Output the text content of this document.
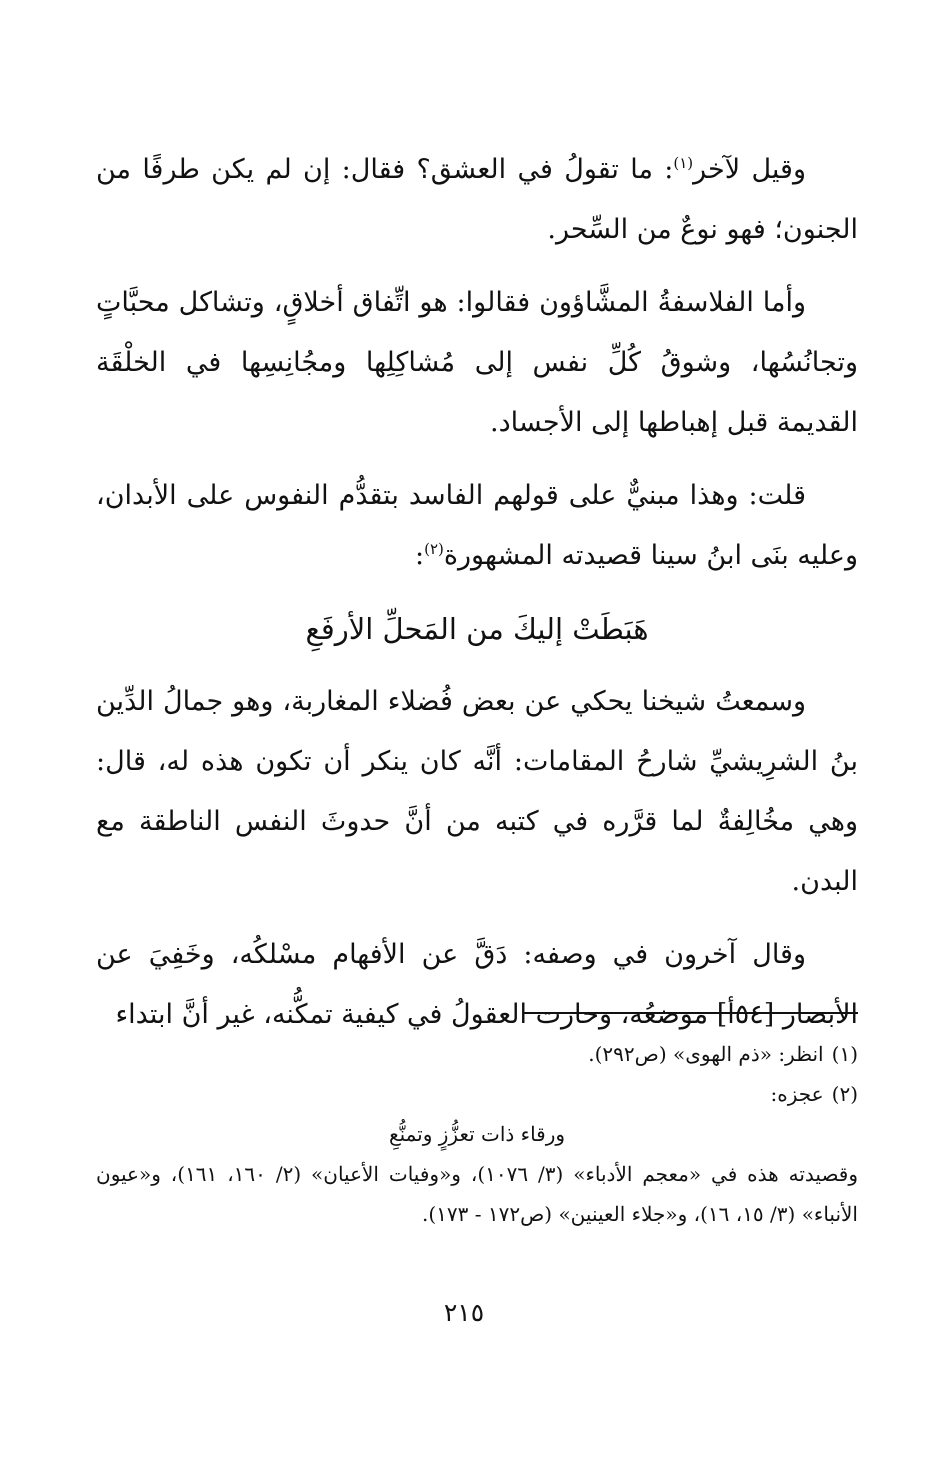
وقيل لآخر$^{(١)}$: ما تقولُ في العشق؟ فقال: إن لم يكن طرفًا من الجنون؛ فهو نوعٌ من السِّحر.

وأما الفلاسفةُ المشَّاؤون فقالوا: هو اتِّفاق أخلاقٍ، وتشاكل محبَّاتٍ وتجانُسُها، وشوقُ كُلِّ نفس إلى مُشاكِلِها ومجُانِسِها في الخلْقَة القديمة قبل إهباطها إلى الأجساد.

قلت: وهذا مبنيٌّ على قولهم الفاسد بتقدُّم النفوس على الأبدان، وعليه بنَى ابنُ سينا قصيدته المشهورة$^{(٢)}$:

هَبَطَتْ إليكَ من المَحلِّ الأرفَعِ

وسمعتُ شيخنا يحكي عن بعض فُضلاء المغاربة، وهو جمالُ الدِّين بنُ الشرِيشيِّ شارحُ المقامات: أنَّه كان ينكر أن تكون هذه له، قال: وهي مخُالِفةٌ لما قرَّره في كتبه من أنَّ حدوثَ النفس الناطقة مع البدن.

وقال آخرون في وصفه: دَقَّ عن الأفهام مسْلكُه، وخَفِيَ عن الأبصار [٥٤أ] موضعُه، وحارت العقولُ في كيفية تمكُّنه، غير أنَّ ابتداء

(١)انظر: «ذم الهوى» (ص٢٩٢).

(٢)عجزه:

ورقاء ذات تعزُّزٍ وتمنُّعِ

وقصيدته هذه في «معجم الأدباء» (٣/ ١٠٧٦)، و«وفيات الأعيان» (٢/ ١٦٠، ١٦١)، و«عيون الأنباء» (٣/ ١٥، ١٦)، و«جلاء العينين» (ص١٧٢ - ١٧٣).

٢١٥
